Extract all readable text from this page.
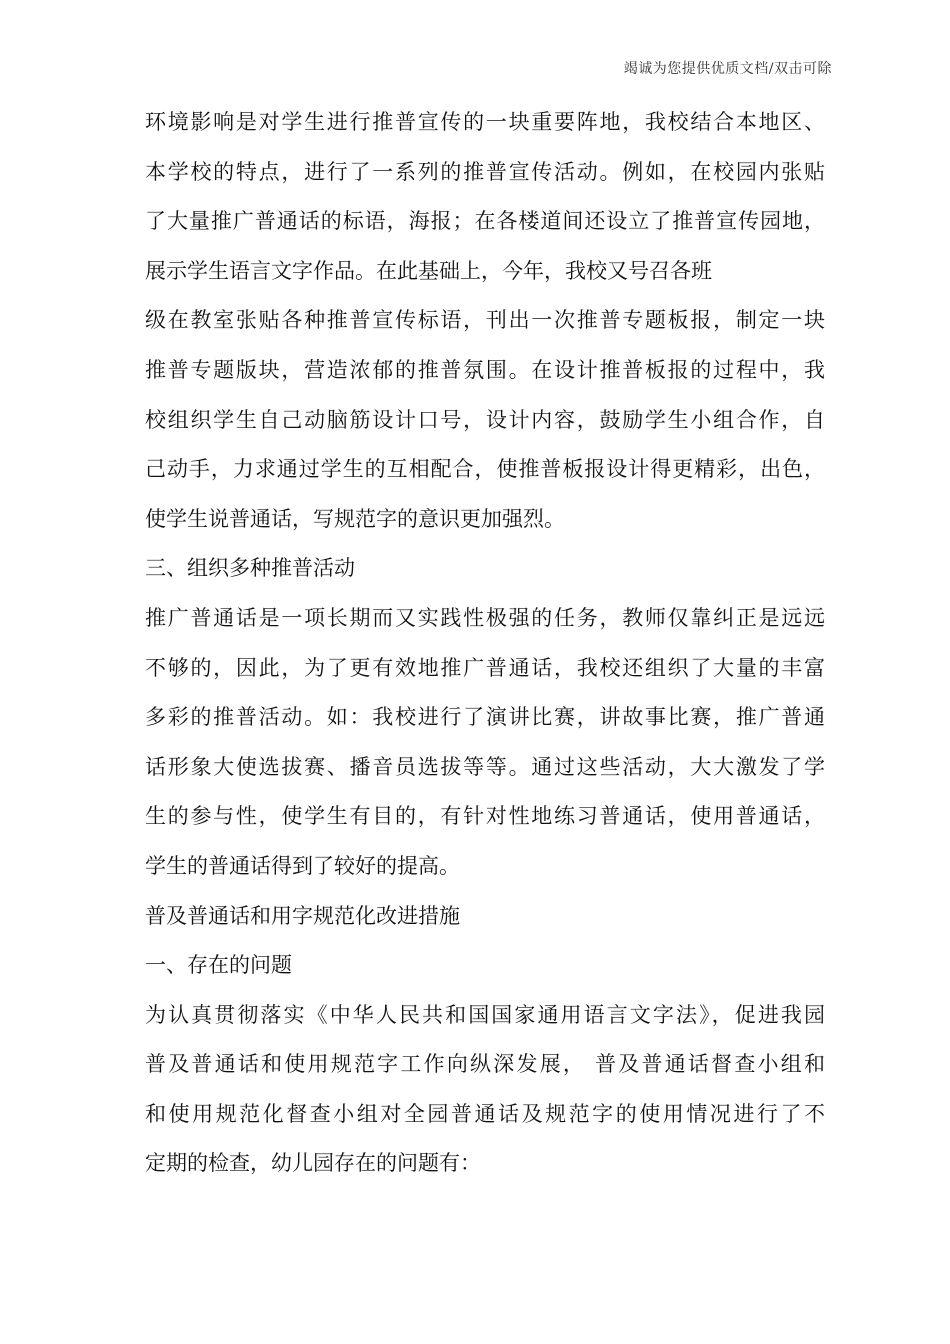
竭诚为您提供优质文档/双击可除
环境影响是对学生进行推普宣传的一块重要阵地，我校结合本地区、
本学校的特点，进行了一系列的推普宣传活动。例如，在校园内张贴
了大量推广普通话的标语，海报；在各楼道间还设立了推普宣传园地，
展示学生语言文字作品。在此基础上，今年，我校又号召各班
级在教室张贴各种推普宣传标语，刊出一次推普专题板报，制定一块
推普专题版块，营造浓郁的推普氛围。在设计推普板报的过程中，我
校组织学生自己动脑筋设计口号，设计内容，鼓励学生小组合作，自
己动手，力求通过学生的互相配合，使推普板报设计得更精彩，出色，
使学生说普通话，写规范字的意识更加强烈。
三、组织多种推普活动
推广普通话是一项长期而又实践性极强的任务，教师仅靠纠正是远远
不够的，因此，为了更有效地推广普通话，我校还组织了大量的丰富
多彩的推普活动。如：我校进行了演讲比赛，讲故事比赛，推广普通
话形象大使选拔赛、播音员选拔等等。通过这些活动，大大激发了学
生的参与性，使学生有目的，有针对性地练习普通话，使用普通话，
学生的普通话得到了较好的提高。
普及普通话和用字规范化改进措施
一、存在的问题
为认真贯彻落实《中华人民共和国国家通用语言文字法》，促进我园
普及普通话和使用规范字工作向纵深发展， 普及普通话督查小组和
和使用规范化督查小组对全园普通话及规范字的使用情况进行了不
定期的检查，幼儿园存在的问题有：
